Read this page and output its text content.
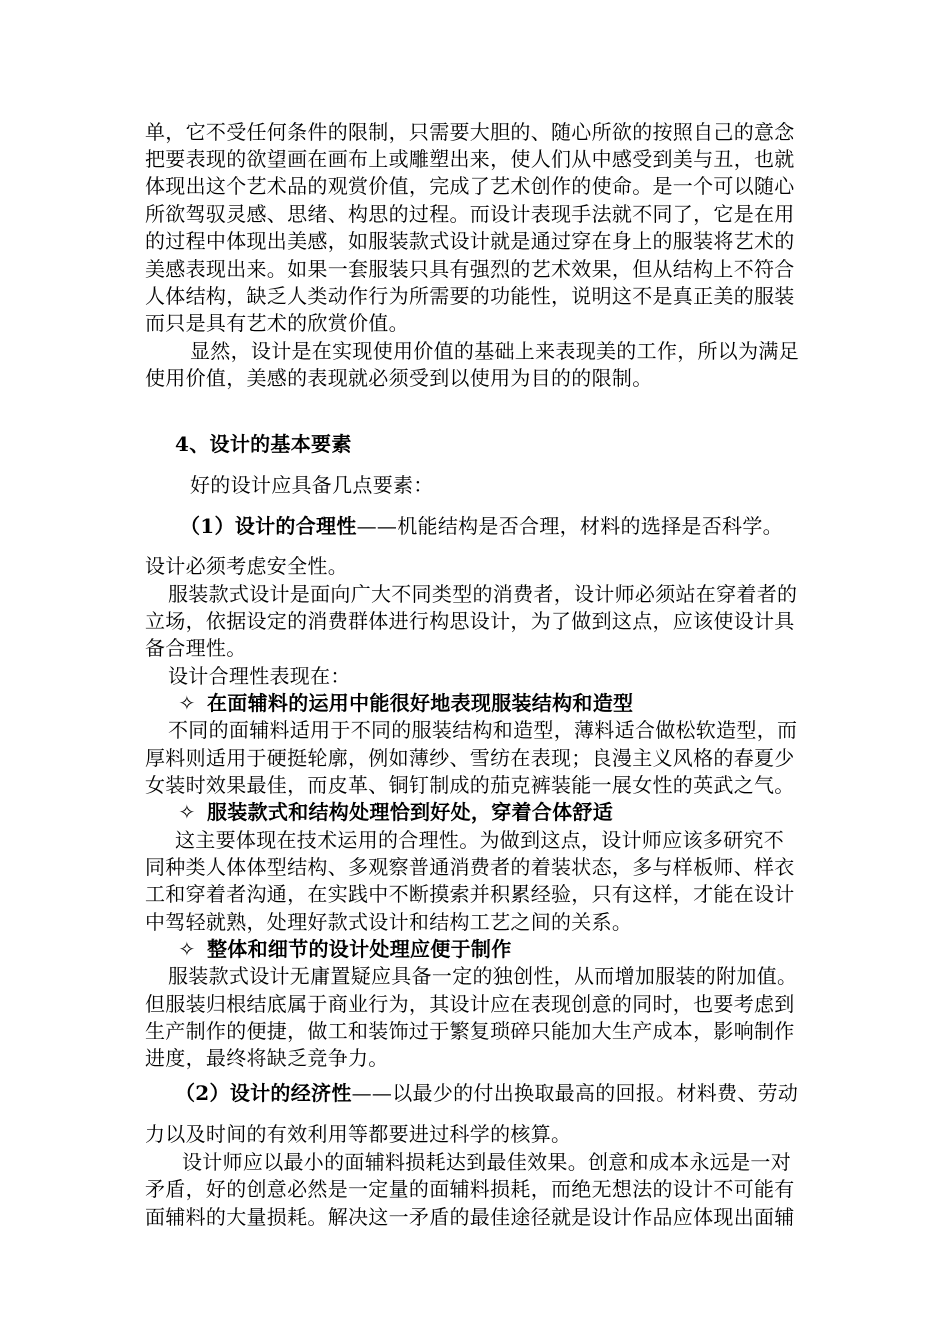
单，它不受任何条件的限制，只需要大胆的、随心所欲的按照自己的意念
把要表现的欲望画在画布上或雕塑出来，使人们从中感受到美与丑，也就
体现出这个艺术品的观赏价值，完成了艺术创作的使命。是一个可以随心
所欲驾驭灵感、思绪、构思的过程。而设计表现手法就不同了，它是在用
的过程中体现出美感，如服装款式设计就是通过穿在身上的服装将艺术的
美感表现出来。如果一套服装只具有强烈的艺术效果，但从结构上不符合
人体结构，缺乏人类动作行为所需要的功能性，说明这不是真正美的服装
而只是具有艺术的欣赏价值。
显然，设计是在实现使用价值的基础上来表现美的工作，所以为满足
使用价值，美感的表现就必须受到以使用为目的的限制。
4、设计的基本要素
好的设计应具备几点要素：
（1）设计的合理性——机能结构是否合理，材料的选择是否科学。
设计必须考虑安全性。
服装款式设计是面向广大不同类型的消费者，设计师必须站在穿着者的
立场，依据设定的消费群体进行构思设计，为了做到这点，应该使设计具
备合理性。
设计合理性表现在：
✧ 在面辅料的运用中能很好地表现服装结构和造型
不同的面辅料适用于不同的服装结构和造型，薄料适合做松软造型，而
厚料则适用于硬挺轮廓，例如薄纱、雪纺在表现；良漫主义风格的春夏少
女装时效果最佳，而皮革、铜钉制成的茄克裤装能一展女性的英武之气。
✧ 服装款式和结构处理恰到好处，穿着合体舒适
这主要体现在技术运用的合理性。为做到这点，设计师应该多研究不
同种类人体体型结构、多观察普通消费者的着装状态，多与样板师、样衣
工和穿着者沟通，在实践中不断摸索并积累经验，只有这样，才能在设计
中驾轻就熟，处理好款式设计和结构工艺之间的关系。
✧ 整体和细节的设计处理应便于制作
服装款式设计无庸置疑应具备一定的独创性，从而增加服装的附加值。
但服装归根结底属于商业行为，其设计应在表现创意的同时，也要考虑到
生产制作的便捷，做工和装饰过于繁复琐碎只能加大生产成本，影响制作
进度，最终将缺乏竞争力。
（2）设计的经济性——以最少的付出换取最高的回报。材料费、劳动
力以及时间的有效利用等都要进过科学的核算。
设计师应以最小的面辅料损耗达到最佳效果。创意和成本永远是一对
矛盾，好的创意必然是一定量的面辅料损耗，而绝无想法的设计不可能有
面辅料的大量损耗。解决这一矛盾的最佳途径就是设计作品应体现出面辅
